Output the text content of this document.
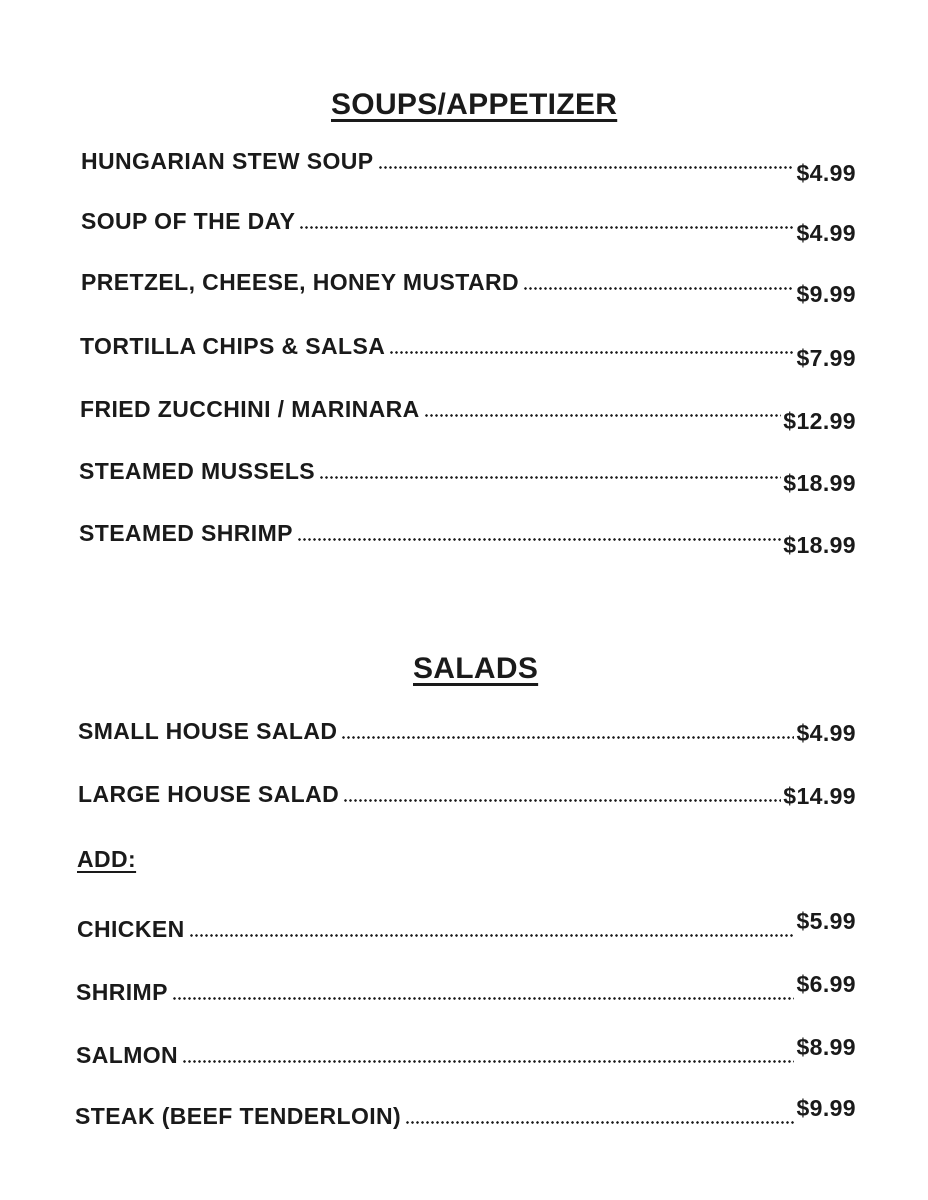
SOUPS/APPETIZER
HUNGARIAN STEW SOUP	$4.99
SOUP OF THE DAY	$4.99
PRETZEL, CHEESE, HONEY MUSTARD	$9.99
TORTILLA CHIPS & SALSA	$7.99
FRIED ZUCCHINI / MARINARA	$12.99
STEAMED MUSSELS	$18.99
STEAMED SHRIMP	$18.99
SALADS
SMALL HOUSE SALAD	$4.99
LARGE HOUSE SALAD	$14.99
ADD:
CHICKEN	$5.99
SHRIMP	$6.99
SALMON	$8.99
STEAK (BEEF TENDERLOIN)	$9.99
